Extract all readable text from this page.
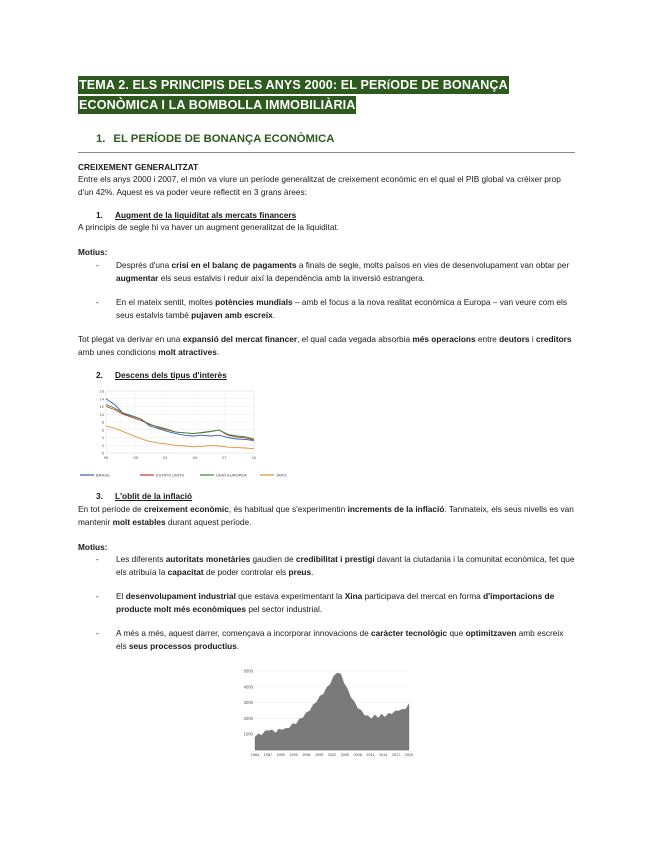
TEMA 2. ELS PRINCIPIS DELS ANYS 2000: EL PERíODE DE BONANÇA
ECONÒMICA I LA BOMBOLLA IMMOBILIÀRIA
1. EL PERÍODE DE BONANÇA ECONÒMICA
CREIXEMENT GENERALITZAT
Entre els anys 2000 i 2007, el món va viure un període generalitzat de creixement econòmic en el qual el PIB global va créixer prop d'un 42%. Aquest es va poder veure reflectit en 3 grans àrees:
1. Augment de la liquiditat als mercats financers
A principis de segle hi va haver un augment generalitzat de la liquiditat.
Motius:
- Després d'una crisi en el balanç de pagaments a finals de segle, molts països en vies de desenvolupament van obtar per augmentar els seus estalvis i reduir així la dependència amb la inversió estrangera.
- En el mateix sentit, moltes potències mundials – amb el focus a la nova realitat econòmica a Europa – van veure com els seus estalvis també pujaven amb escreix.
Tot plegat va derivar en una expansió del mercat financer, el qual cada vegada absorbia més operacions entre deutors i creditors amb unes condicions molt atractives.
2. Descens dels tipus d'interès
16
14
12
10
8
6
4
2
0
95	98	01	04	07	10
BRASIL	ESTATS UNITS	UNIÓ EUROPEA	JAPÓ
3. L'oblit de la inflació
En tot període de creixement econòmic, és habitual que s'experimentin increments de la inflació. Tanmateix, els seus nivells es van mantenir molt estables durant aquest període.
Motius:
- Les diferents autoritats monetàries gaudien de credibilitat i prestigi davant la ciutadania i la comunitat econòmica, fet que els atribuïa la capacitat de poder controlar els preus.
- El desenvolupament industrial que estava experimentant la Xina participava del mercat en forma d'importacions de producte molt més econòmiques pel sector industrial.
- A més a més, aquest darrer, començava a incorporar innovacions de caràcter tecnològic que optimitzaven amb escreix els seus processos productius.
5000
4000
3000
2000
1000
1984 1987 1990 1993 1996 1999 2002 2005 2008 2011 2014 2017 2020
